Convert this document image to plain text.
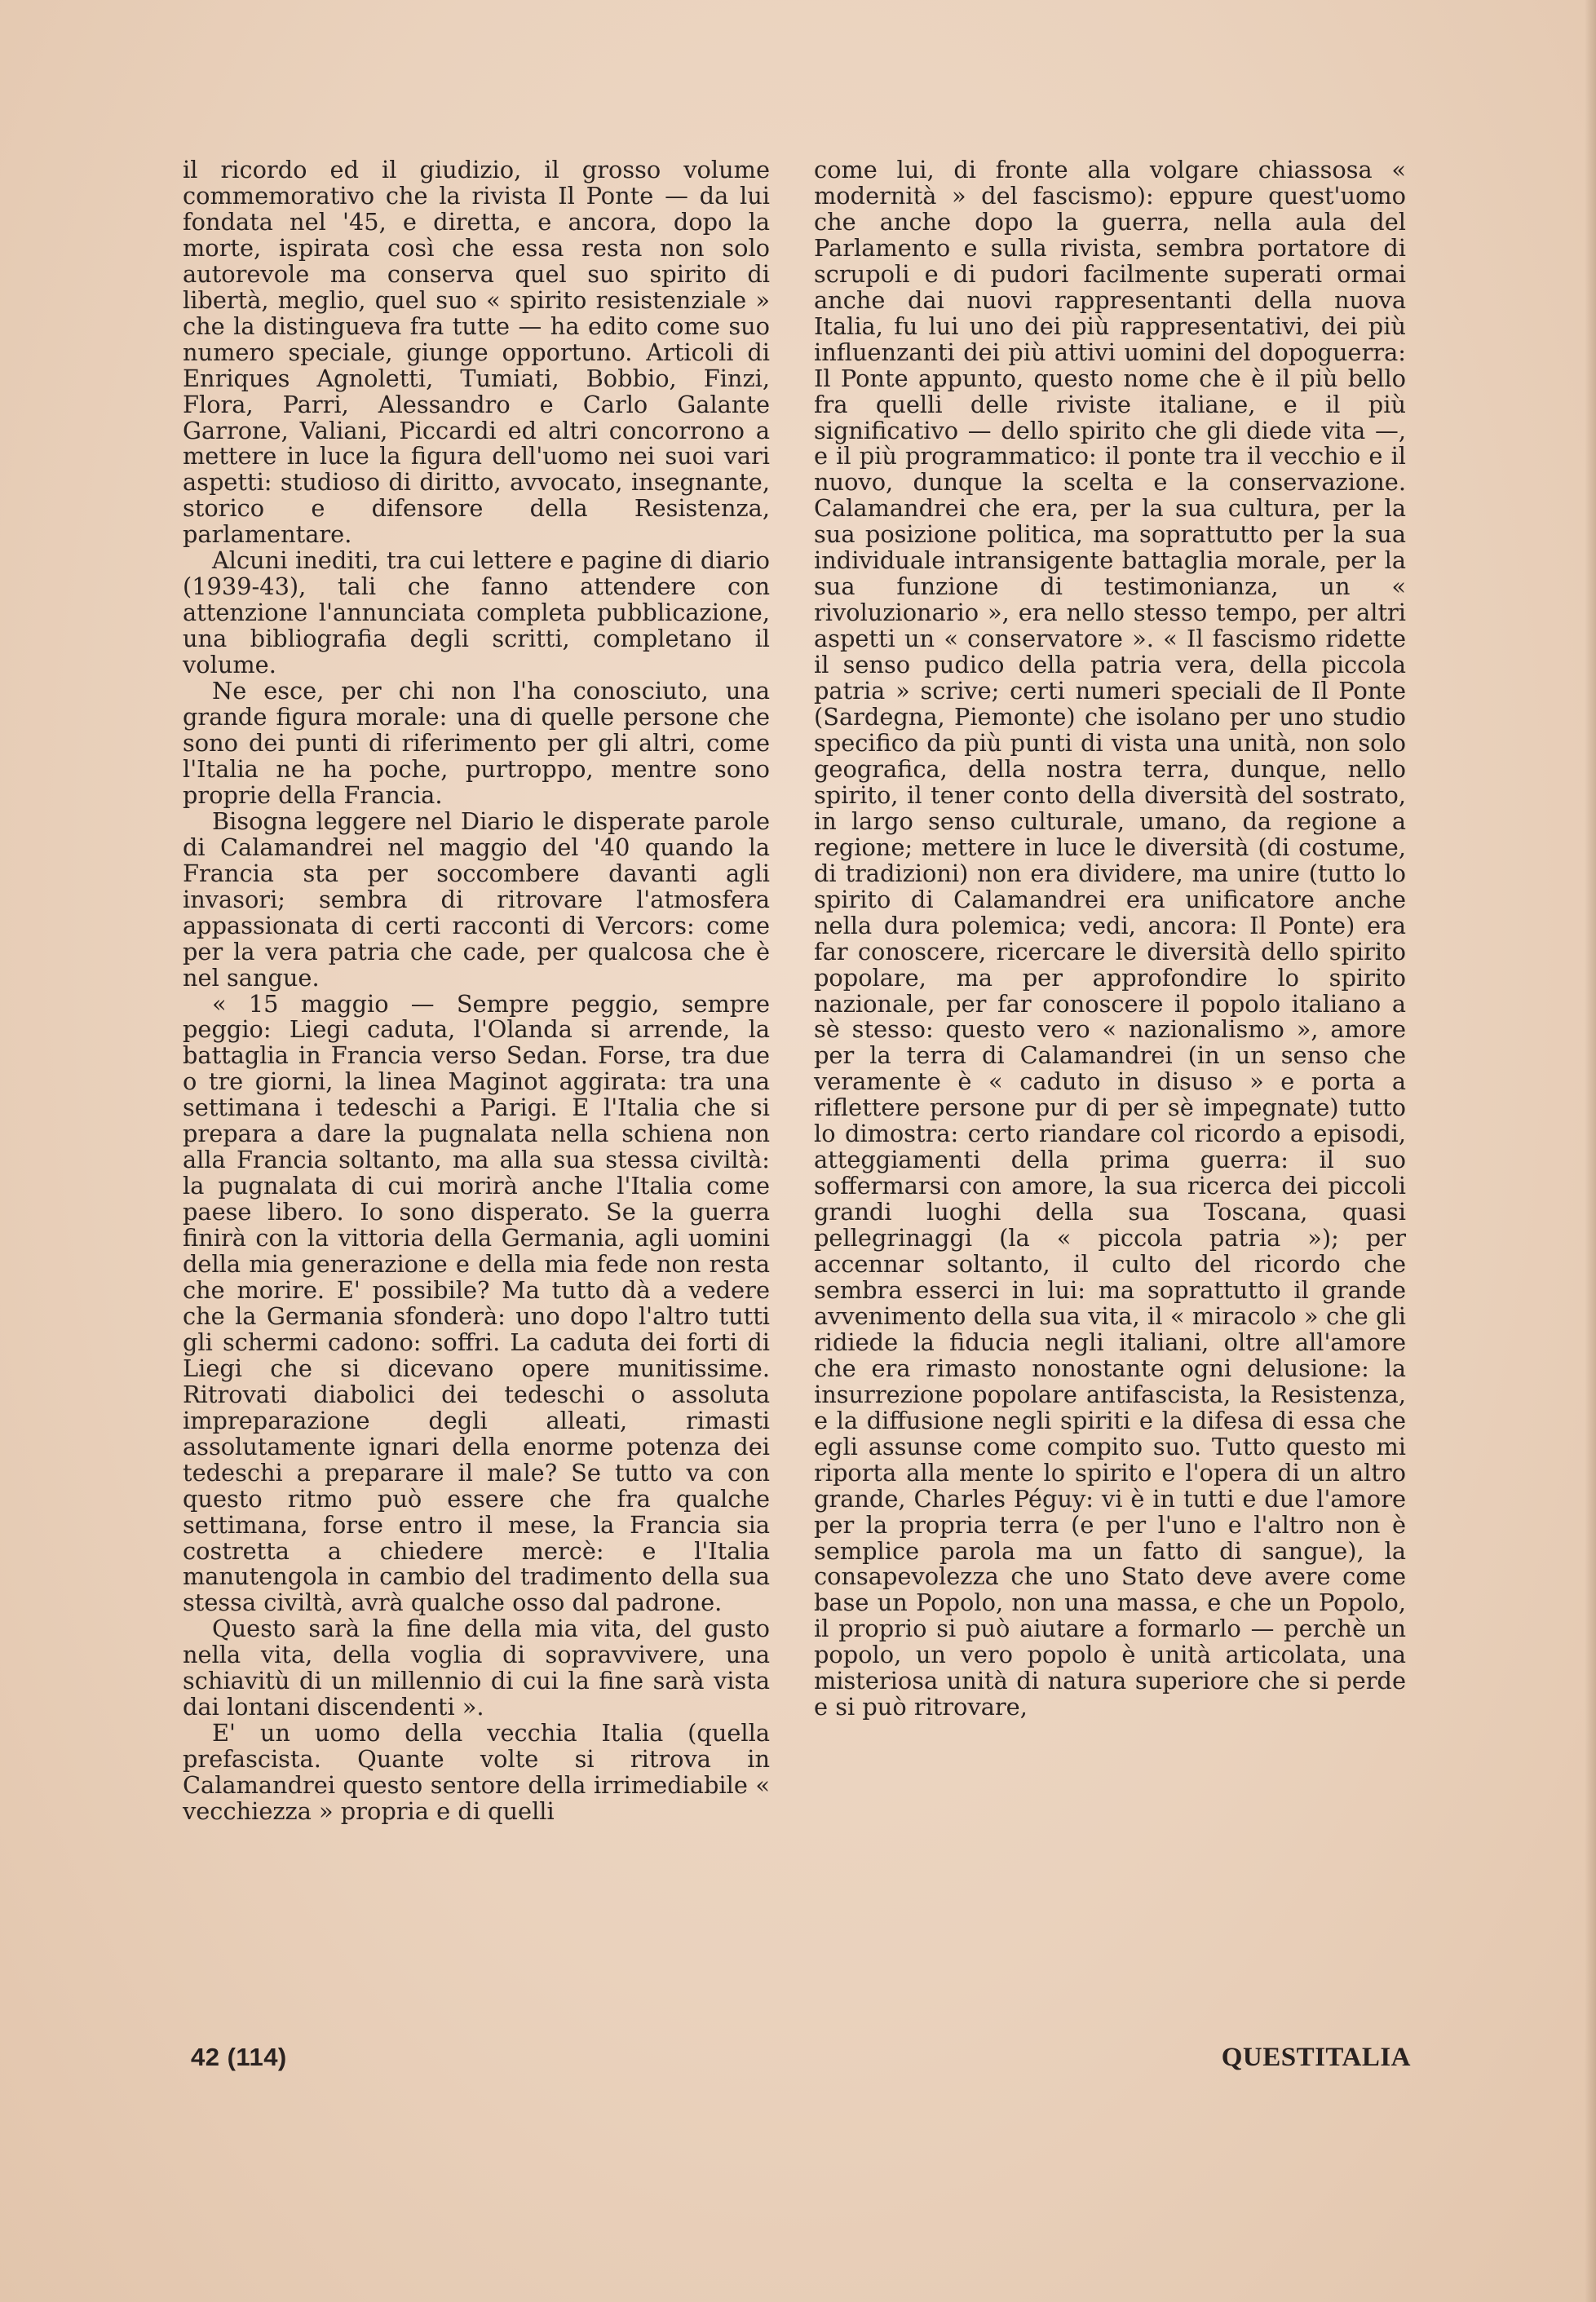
il ricordo ed il giudizio, il grosso volume commemorativo che la rivista Il Ponte — da lui fondata nel '45, e diretta, e ancora, dopo la morte, ispirata così che essa resta non solo autorevole ma conserva quel suo spirito di libertà, meglio, quel suo « spirito resistenziale » che la distingueva fra tutte — ha edito come suo numero speciale, giunge opportuno. Articoli di Enriques Agnoletti, Tumiati, Bobbio, Finzi, Flora, Parri, Alessandro e Carlo Galante Garrone, Valiani, Piccardi ed altri concorrono a mettere in luce la figura dell'uomo nei suoi vari aspetti: studioso di diritto, avvocato, insegnante, storico e difensore della Resistenza, parlamentare.

Alcuni inediti, tra cui lettere e pagine di diario (1939-43), tali che fanno attendere con attenzione l'annunciata completa pubblicazione, una bibliografia degli scritti, completano il volume.

Ne esce, per chi non l'ha conosciuto, una grande figura morale: una di quelle persone che sono dei punti di riferimento per gli altri, come l'Italia ne ha poche, purtroppo, mentre sono proprie della Francia.

Bisogna leggere nel Diario le disperate parole di Calamandrei nel maggio del '40 quando la Francia sta per soccombere davanti agli invasori; sembra di ritrovare l'atmosfera appassionata di certi racconti di Vercors: come per la vera patria che cade, per qualcosa che è nel sangue.

« 15 maggio — Sempre peggio, sempre peggio: Liegi caduta, l'Olanda si arrende, la battaglia in Francia verso Sedan. Forse, tra due o tre giorni, la linea Maginot aggirata: tra una settimana i tedeschi a Parigi. E l'Italia che si prepara a dare la pugnalata nella schiena non alla Francia soltanto, ma alla sua stessa civiltà: la pugnalata di cui morirà anche l'Italia come paese libero. Io sono disperato. Se la guerra finirà con la vittoria della Germania, agli uomini della mia generazione e della mia fede non resta che morire. E' possibile? Ma tutto dà a vedere che la Germania sfonderà: uno dopo l'altro tutti gli schermi cadono: soffri. La caduta dei forti di Liegi che si dicevano opere munitissime. Ritrovati diabolici dei tedeschi o assoluta impreparazione degli alleati, rimasti assolutamente ignari della enorme potenza dei tedeschi a preparare il male? Se tutto va con questo ritmo può essere che fra qualche settimana, forse entro il mese, la Francia sia costretta a chiedere mercè: e l'Italia manutengola in cambio del tradimento della sua stessa civiltà, avrà qualche osso dal padrone.

Questo sarà la fine della mia vita, del gusto nella vita, della voglia di sopravvivere, una schiavitù di un millennio di cui la fine sarà vista dai lontani discendenti ».

E' un uomo della vecchia Italia (quella prefascista. Quante volte si ritrova in Calamandrei questo sentore della irrimediabile « vecchiezza » propria e di quelli

come lui, di fronte alla volgare chiassosa « modernità » del fascismo): eppure quest'uomo che anche dopo la guerra, nella aula del Parlamento e sulla rivista, sembra portatore di scrupoli e di pudori facilmente superati ormai anche dai nuovi rappresentanti della nuova Italia, fu lui uno dei più rappresentativi, dei più influenzanti dei più attivi uomini del dopoguerra: Il Ponte appunto, questo nome che è il più bello fra quelli delle riviste italiane, e il più significativo — dello spirito che gli diede vita —, e il più programmatico: il ponte tra il vecchio e il nuovo, dunque la scelta e la conservazione. Calamandrei che era, per la sua cultura, per la sua posizione politica, ma soprattutto per la sua individuale intransigente battaglia morale, per la sua funzione di testimonianza, un « rivoluzionario », era nello stesso tempo, per altri aspetti un « conservatore ». « Il fascismo ridette il senso pudico della patria vera, della piccola patria » scrive; certi numeri speciali de Il Ponte (Sardegna, Piemonte) che isolano per uno studio specifico da più punti di vista una unità, non solo geografica, della nostra terra, dunque, nello spirito, il tener conto della diversità del sostrato, in largo senso culturale, umano, da regione a regione; mettere in luce le diversità (di costume, di tradizioni) non era dividere, ma unire (tutto lo spirito di Calamandrei era unificatore anche nella dura polemica; vedi, ancora: Il Ponte) era far conoscere, ricercare le diversità dello spirito popolare, ma per approfondire lo spirito nazionale, per far conoscere il popolo italiano a sè stesso: questo vero « nazionalismo », amore per la terra di Calamandrei (in un senso che veramente è « caduto in disuso » e porta a riflettere persone pur di per sè impegnate) tutto lo dimostra: certo riandare col ricordo a episodi, atteggiamenti della prima guerra: il suo soffermarsi con amore, la sua ricerca dei piccoli grandi luoghi della sua Toscana, quasi pellegrinaggi (la « piccola patria »); per accennar soltanto, il culto del ricordo che sembra esserci in lui: ma soprattutto il grande avvenimento della sua vita, il « miracolo » che gli ridiede la fiducia negli italiani, oltre all'amore che era rimasto nonostante ogni delusione: la insurrezione popolare antifascista, la Resistenza, e la diffusione negli spiriti e la difesa di essa che egli assunse come compito suo. Tutto questo mi riporta alla mente lo spirito e l'opera di un altro grande, Charles Péguy: vi è in tutti e due l'amore per la propria terra (e per l'uno e l'altro non è semplice parola ma un fatto di sangue), la consapevolezza che uno Stato deve avere come base un Popolo, non una massa, e che un Popolo, il proprio si può aiutare a formarlo — perchè un popolo, un vero popolo è unità articolata, una misteriosa unità di natura superiore che si perde e si può ritrovare,

42 (114)	QUESTITALIA
